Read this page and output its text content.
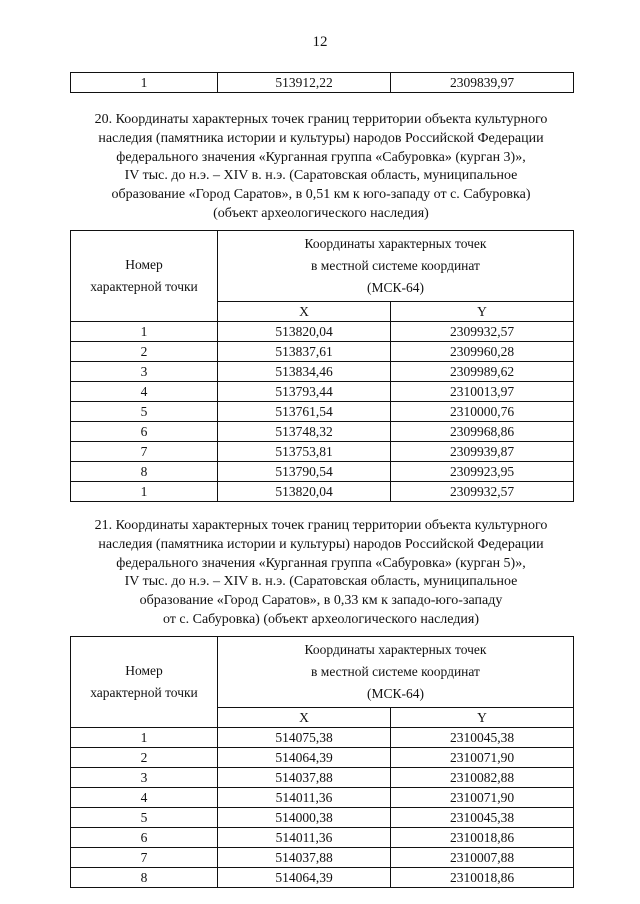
12
1	513912,22	2309839,97
20. Координаты характерных точек границ территории объекта культурного
наследия (памятника истории и культуры) народов Российской Федерации
федерального значения «Курганная группа «Сабуровка» (курган 3)»,
IV тыс. до н.э. – XIV в. н.э. (Саратовская область, муниципальное
образование «Город Саратов», в 0,51 км к юго-западу от с. Сабуровка)
(объект археологического наследия)
Номер
характерной точки	Координаты характерных точек
в местной системе координат
(МСК-64)	

	X	Y
1	513820,04	2309932,57
2	513837,61	2309960,28
3	513834,46	2309989,62
4	513793,44	2310013,97
5	513761,54	2310000,76
6	513748,32	2309968,86
7	513753,81	2309939,87
8	513790,54	2309923,95
1	513820,04	2309932,57
21. Координаты характерных точек границ территории объекта культурного
наследия (памятника истории и культуры) народов Российской Федерации
федерального значения «Курганная группа «Сабуровка» (курган 5)»,
IV тыс. до н.э. – XIV в. н.э. (Саратовская область, муниципальное
образование «Город Саратов», в 0,33 км к западо-юго-западу
от с. Сабуровка) (объект археологического наследия)
Номер
характерной точки	Координаты характерных точек
в местной системе координат
(МСК-64)	

	X	Y
1	514075,38	2310045,38
2	514064,39	2310071,90
3	514037,88	2310082,88
4	514011,36	2310071,90
5	514000,38	2310045,38
6	514011,36	2310018,86
7	514037,88	2310007,88
8	514064,39	2310018,86
